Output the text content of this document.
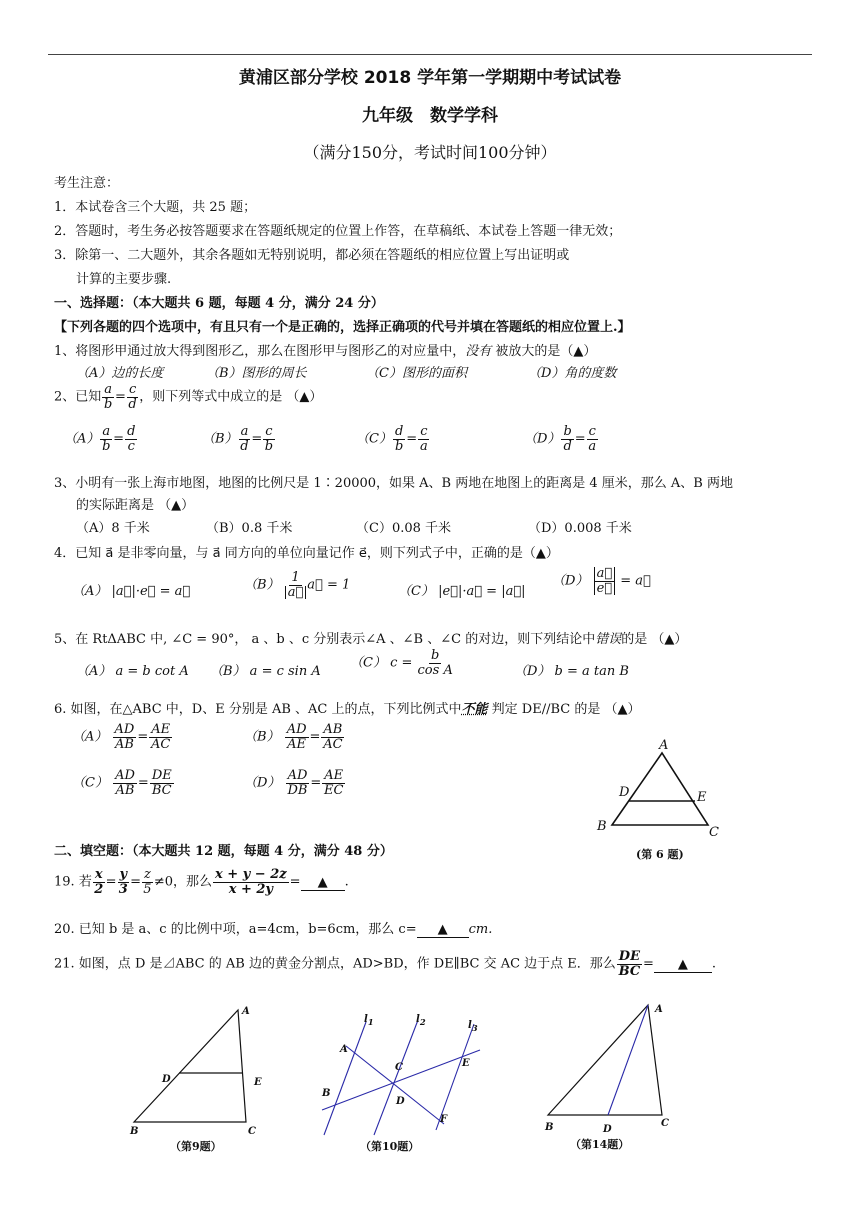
黄浦区部分学校 2018 学年第一学期期中考试试卷
九年级　数学学科
（满分150分，考试时间100分钟）
考生注意：
1．本试卷含三个大题，共 25 题；
2．答题时，考生务必按答题要求在答题纸规定的位置上作答，在草稿纸、本试卷上答题一律无效；
3．除第一、二大题外，其余各题如无特别说明，都必须在答题纸的相应位置上写出证明或
计算的主要步骤.
一、选择题：（本大题共 6 题，每题 4 分，满分 24 分）
【下列各题的四个选项中，有且只有一个是正确的，选择正确项的代号并填在答题纸的相应位置上.】
1、将图形甲通过放大得到图形乙，那么在图形甲与图形乙的对应量中，没有 被放大的是（▲）
（A）边的长度	（B）图形的周长	（C）图形的面积	（D）角的度数
2、已知 $\frac{a}{b} = \frac{c}{d}$ ，则下列等式中成立的是 （▲）
$(A) \frac{a}{b} = \frac{d}{c}$	$(B) \frac{a}{d} = \frac{c}{b}$	$(C) \frac{d}{b} = \frac{c}{a}$	$(D) \frac{b}{d} = \frac{c}{a}$
3、小明有一张上海市地图，地图的比例尺是 1∶20000，如果 A、B 两地在地图上的距离是 4 厘米，那么 A、B 两地
的实际距离是 （▲）
（A）8 千米	（B）0.8 千米	（C）0.08 千米	（D）0.008 千米
4．已知 a⃗ 是非零向量，与 a⃗ 同方向的单位向量记作 e⃗，则下列式子中，正确的是（▲）
（A） |a⃗|·e⃗ = a⃗	$(B) \frac{1}{a⃗}$ a⃗ = 1	（C） |e⃗|·a⃗ = |a⃗|
$(D) \frac{a⃗}{e⃗}$ = a⃗
5、在 RtΔABC 中, ∠C = 90°， a 、b 、c 分别表示∠A 、∠B 、∠C 的对边，则下列结论中错误的是 （▲）
（A） a = b cot A （B） a = c sin A
（C） $c = \frac{b}{\text{cos A}}$	（D） b = a tan B
6. 如图，在△ABC 中，D、E 分别是 AB 、AC 上的点，下列比例式中不能 判定 DE//BC 的是 （▲）
$(A) \frac{AD}{AB} = \frac{AE}{AC}$	$(B) \frac{AD}{AE} = \frac{AB}{AC}$
$(C) \frac{AD}{AB} = \frac{DE}{BC}$	$(D) \frac{AD}{DB} = \frac{AE}{EC}$
A
D	E
B	C
(第 6 题)
二、填空题：（本大题共 12 题，每题 4 分，满分 48 分）
19. 若 $\frac{x}{2} = \frac{y}{3} = \frac{z}{5} \ne 0$，那么 $\frac{x + y - 2z}{x + 2y}$ = ▲ .
20. 已知 b 是 a、c 的比例中项，a=4cm，b=6cm，那么 c= ▲ cm.
21. 如图，点 D 是⊿ABC 的 AB 边的黄金分割点，AD>BD，作 DE∥BC 交 AC 边于点 E．那么 $\frac{DE}{BC}$ = ▲ .
A
D	E
B	C
（第9题）
$l_1$	$l_2$	$l_3$
A
C	E
B
D
F
（第10题）
A
B	D
C
（第14题）
